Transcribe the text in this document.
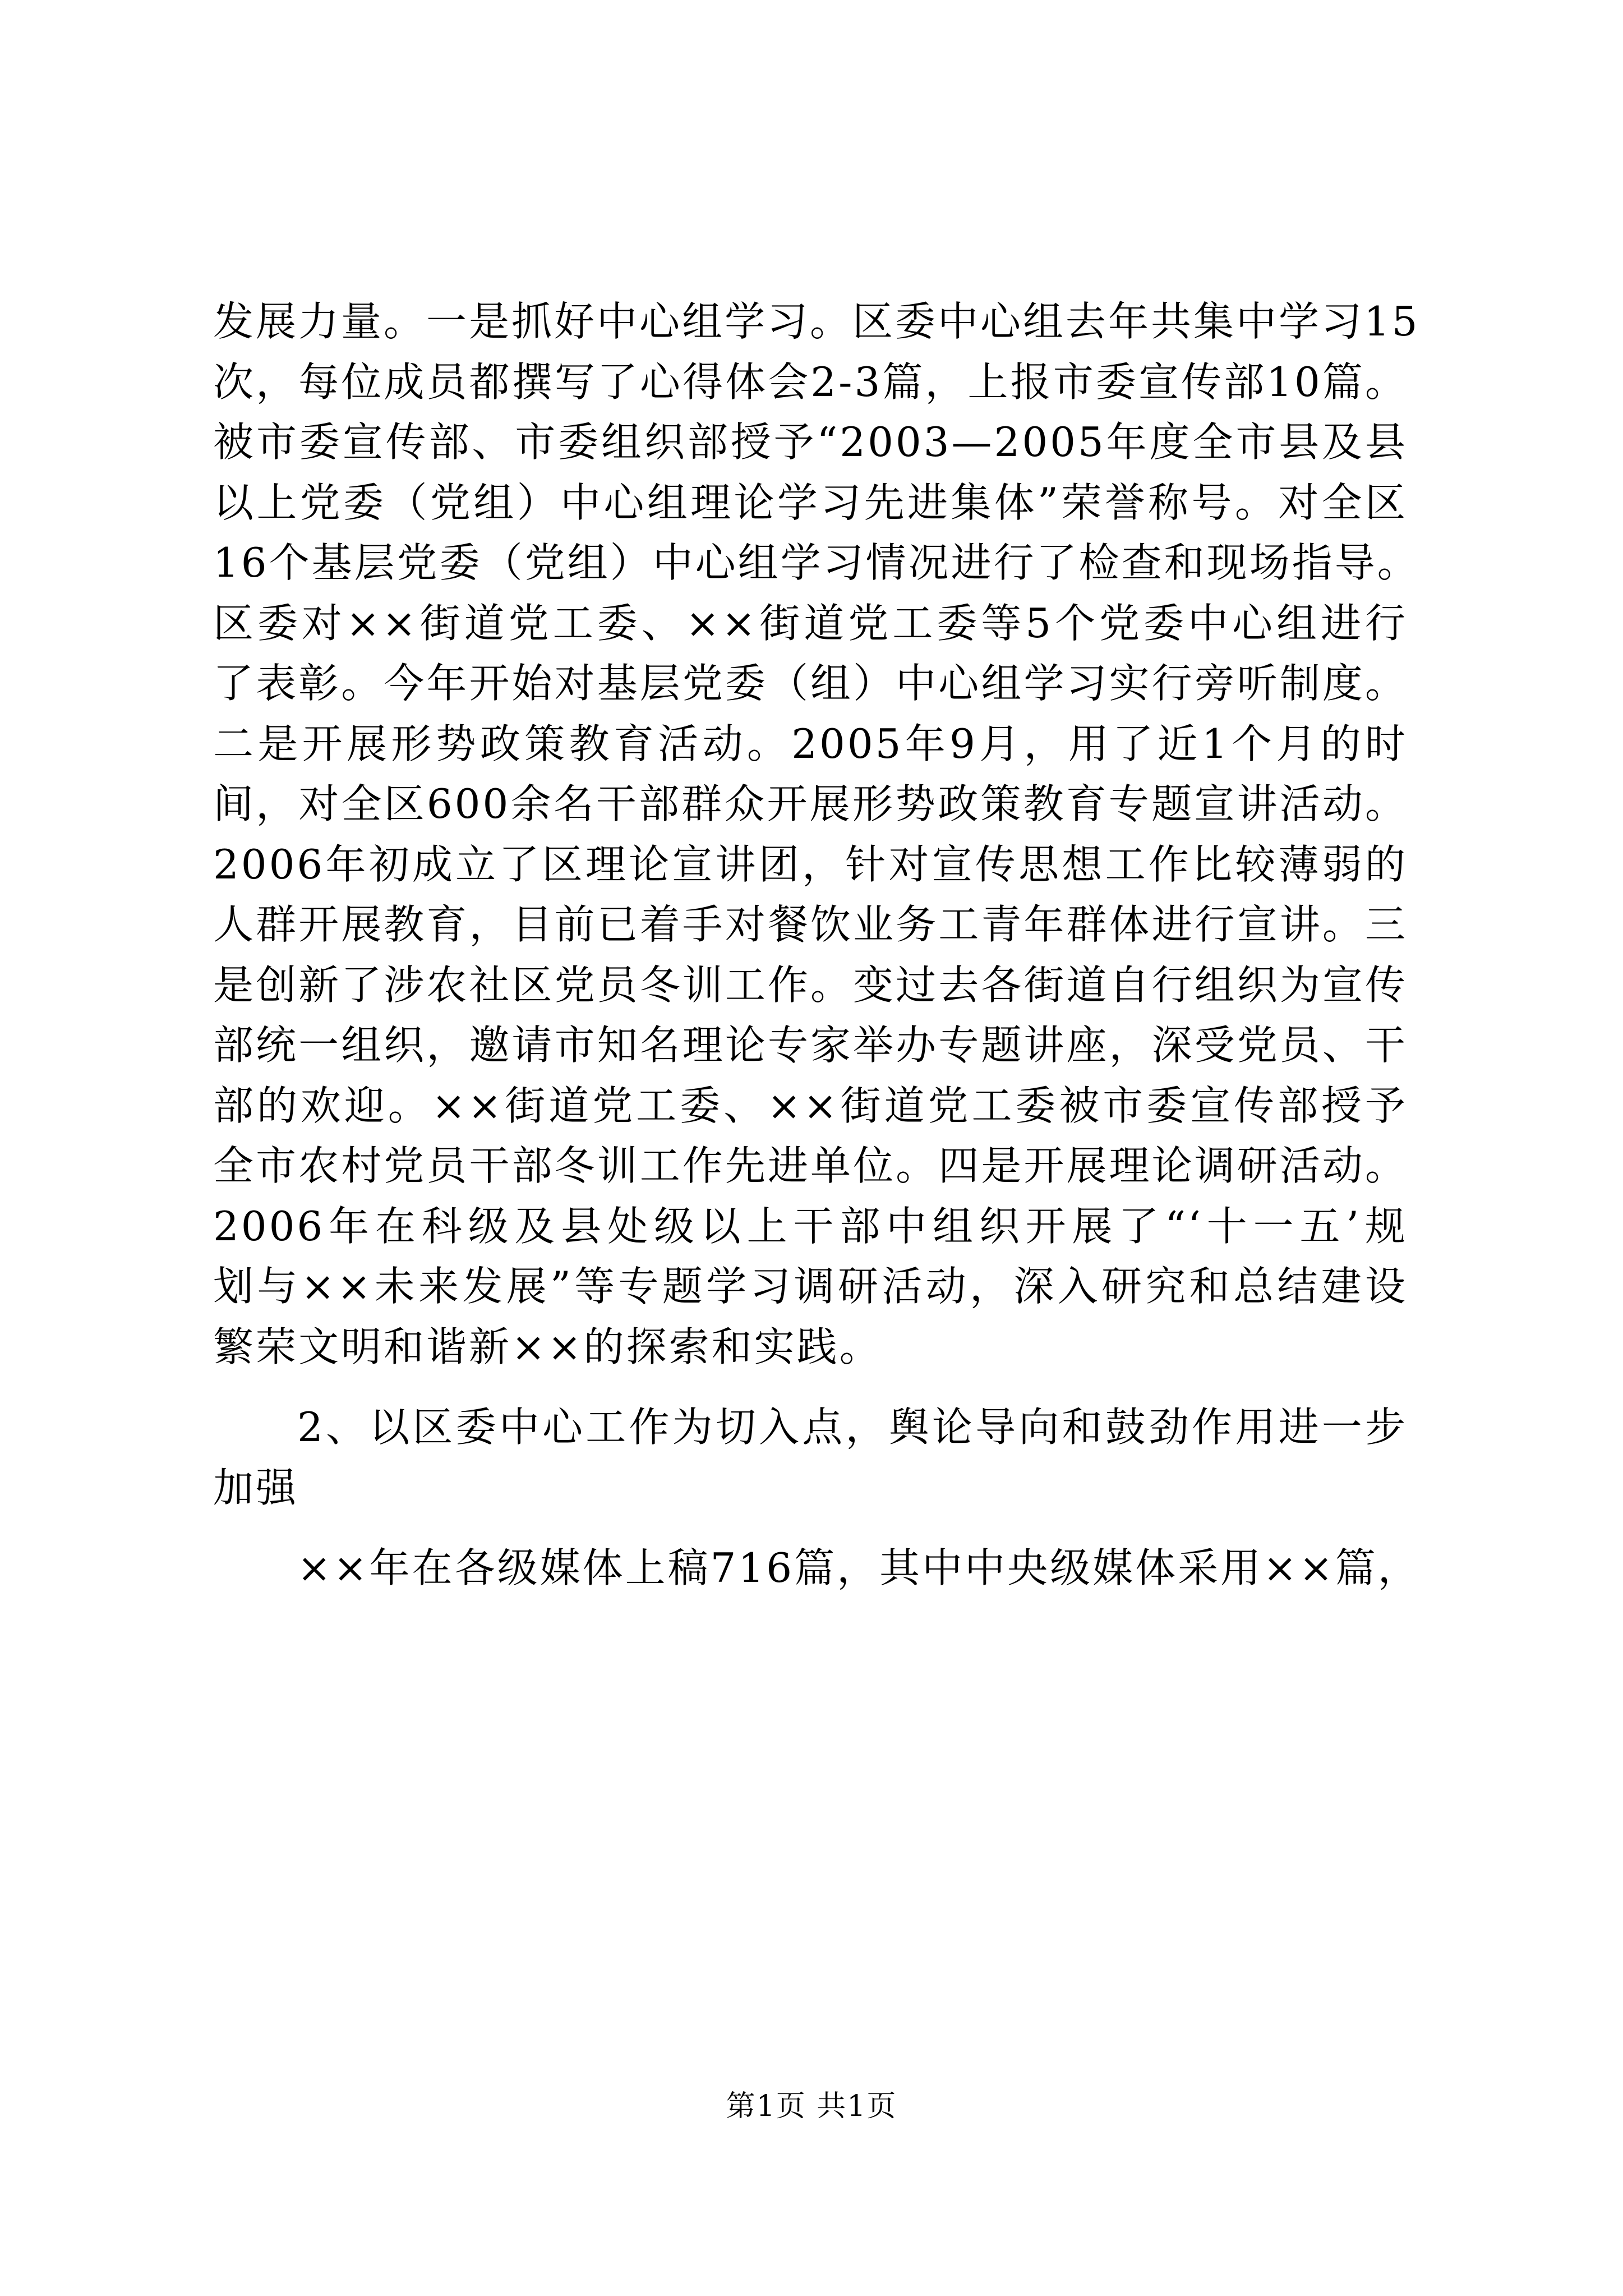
发展力量。一是抓好中心组学习。区委中心组去年共集中学习15
次，每位成员都撰写了心得体会2-3篇，上报市委宣传部10篇。
被市委宣传部、市委组织部授予“2003—2005年度全市县及县
以上党委（党组）中心组理论学习先进集体”荣誉称号。对全区
16个基层党委（党组）中心组学习情况进行了检查和现场指导。
区委对××街道党工委、××街道党工委等5个党委中心组进行
了表彰。今年开始对基层党委（组）中心组学习实行旁听制度。
二是开展形势政策教育活动。2005年9月，用了近1个月的时
间，对全区600余名干部群众开展形势政策教育专题宣讲活动。
2006年初成立了区理论宣讲团，针对宣传思想工作比较薄弱的
人群开展教育，目前已着手对餐饮业务工青年群体进行宣讲。三
是创新了涉农社区党员冬训工作。变过去各街道自行组织为宣传
部统一组织，邀请市知名理论专家举办专题讲座，深受党员、干
部的欢迎。××街道党工委、××街道党工委被市委宣传部授予
全市农村党员干部冬训工作先进单位。四是开展理论调研活动。
2006年在科级及县处级以上干部中组织开展了“‘十一五’规
划与××未来发展”等专题学习调研活动，深入研究和总结建设
繁荣文明和谐新××的探索和实践。
2、以区委中心工作为切入点，舆论导向和鼓劲作用进一步
加强
××年在各级媒体上稿716篇，其中中央级媒体采用××篇，
第1页 共1页
